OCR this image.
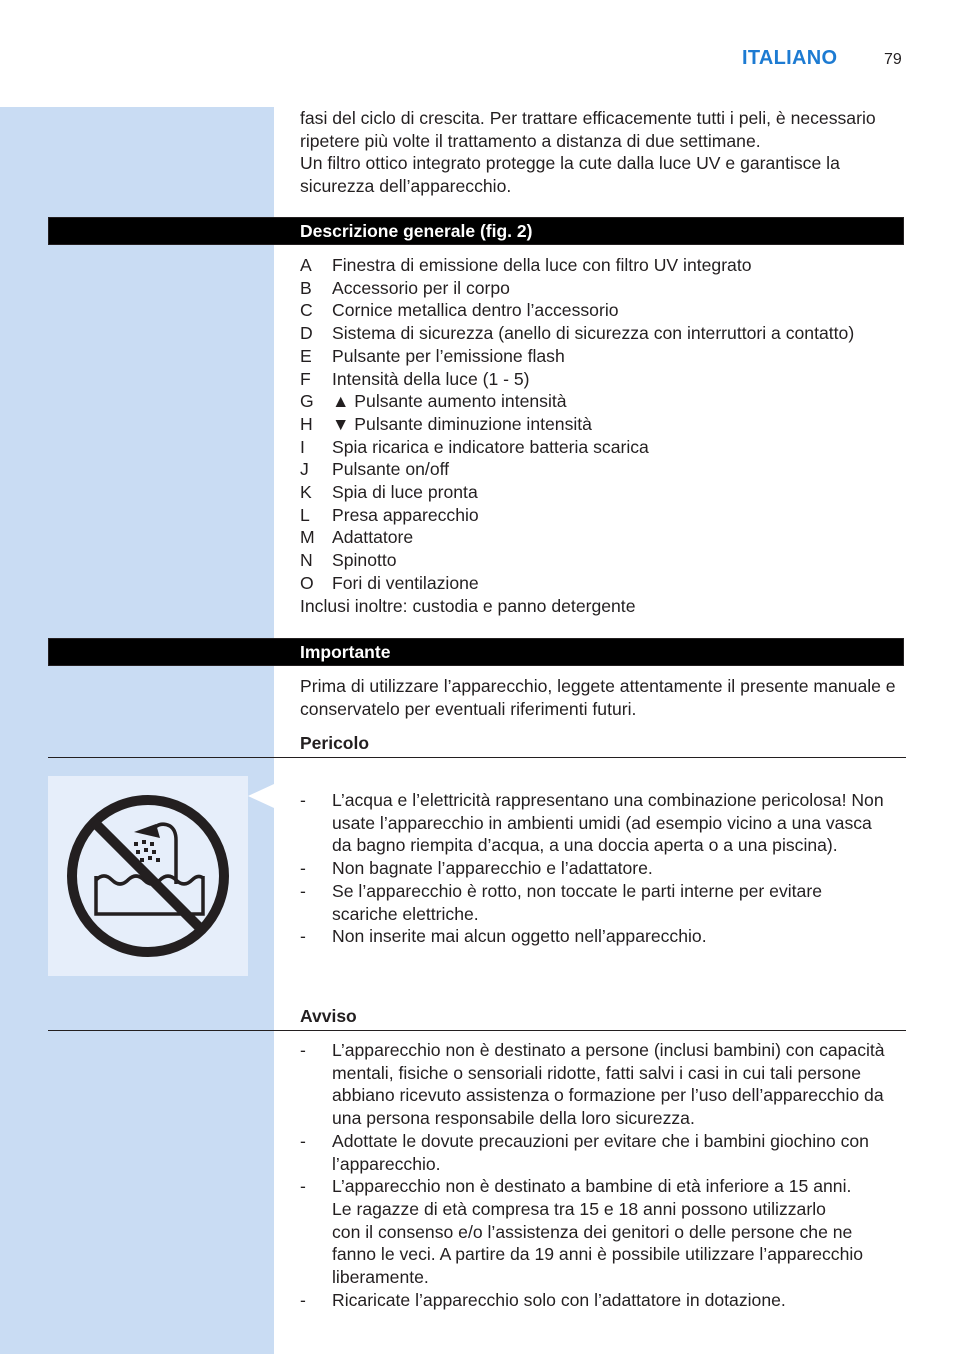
ITALIANO	79

fasi del ciclo di crescita. Per trattare efficacemente tutti i peli, è necessario

ripetere più volte il trattamento a distanza di due settimane.

Un filtro ottico integrato protegge la cute dalla luce UV e garantisce la

sicurezza dell’apparecchio.

Descrizione generale (fig. 2)
A	Finestra di emissione della luce con filtro UV integrato
B	Accessorio per il corpo
C	Cornice metallica dentro l’accessorio
D	Sistema di sicurezza (anello di sicurezza con interruttori a contatto)
E	Pulsante per l’emissione flash
F	Intensità della luce (1 - 5)
G	▲ Pulsante aumento intensità
H	▼ Pulsante diminuzione intensità
I	Spia ricarica e indicatore batteria scarica
J	Pulsante on/off
K	Spia di luce pronta
L	Presa apparecchio
M Adattatore
N	Spinotto
O	Fori di ventilazione

Inclusi inoltre: custodia e panno detergente

Importante

Prima di utilizzare l’apparecchio, leggete attentamente il presente manuale e

conservatelo per eventuali riferimenti futuri.

Pericolo
-	L’acqua e l’elettricità rappresentano una combinazione pericolosa! Non
usate l’apparecchio in ambienti umidi (ad esempio vicino a una vasca
da bagno riempita d’acqua, a una doccia aperta o a una piscina).
-	Non bagnate l’apparecchio e l’adattatore.
-	Se l’apparecchio è rotto, non toccate le parti interne per evitare
scariche elettriche.
-	Non inserite mai alcun oggetto nell’apparecchio.
Avviso
-	L’apparecchio non è destinato a persone (inclusi bambini) con capacità
mentali, fisiche o sensoriali ridotte, fatti salvi i casi in cui tali persone
abbiano ricevuto assistenza o formazione per l’uso dell’apparecchio da
una persona responsabile della loro sicurezza.
-	Adottate le dovute precauzioni per evitare che i bambini giochino con
l’apparecchio.
-	L’apparecchio non è destinato a bambine di età inferiore a 15 anni.
Le ragazze di età compresa tra 15 e 18 anni possono utilizzarlo
con il consenso e/o l’assistenza dei genitori o delle persone che ne
fanno le veci. A partire da 19 anni è possibile utilizzare l’apparecchio
liberamente.
-	Ricaricate l’apparecchio solo con l’adattatore in dotazione.
